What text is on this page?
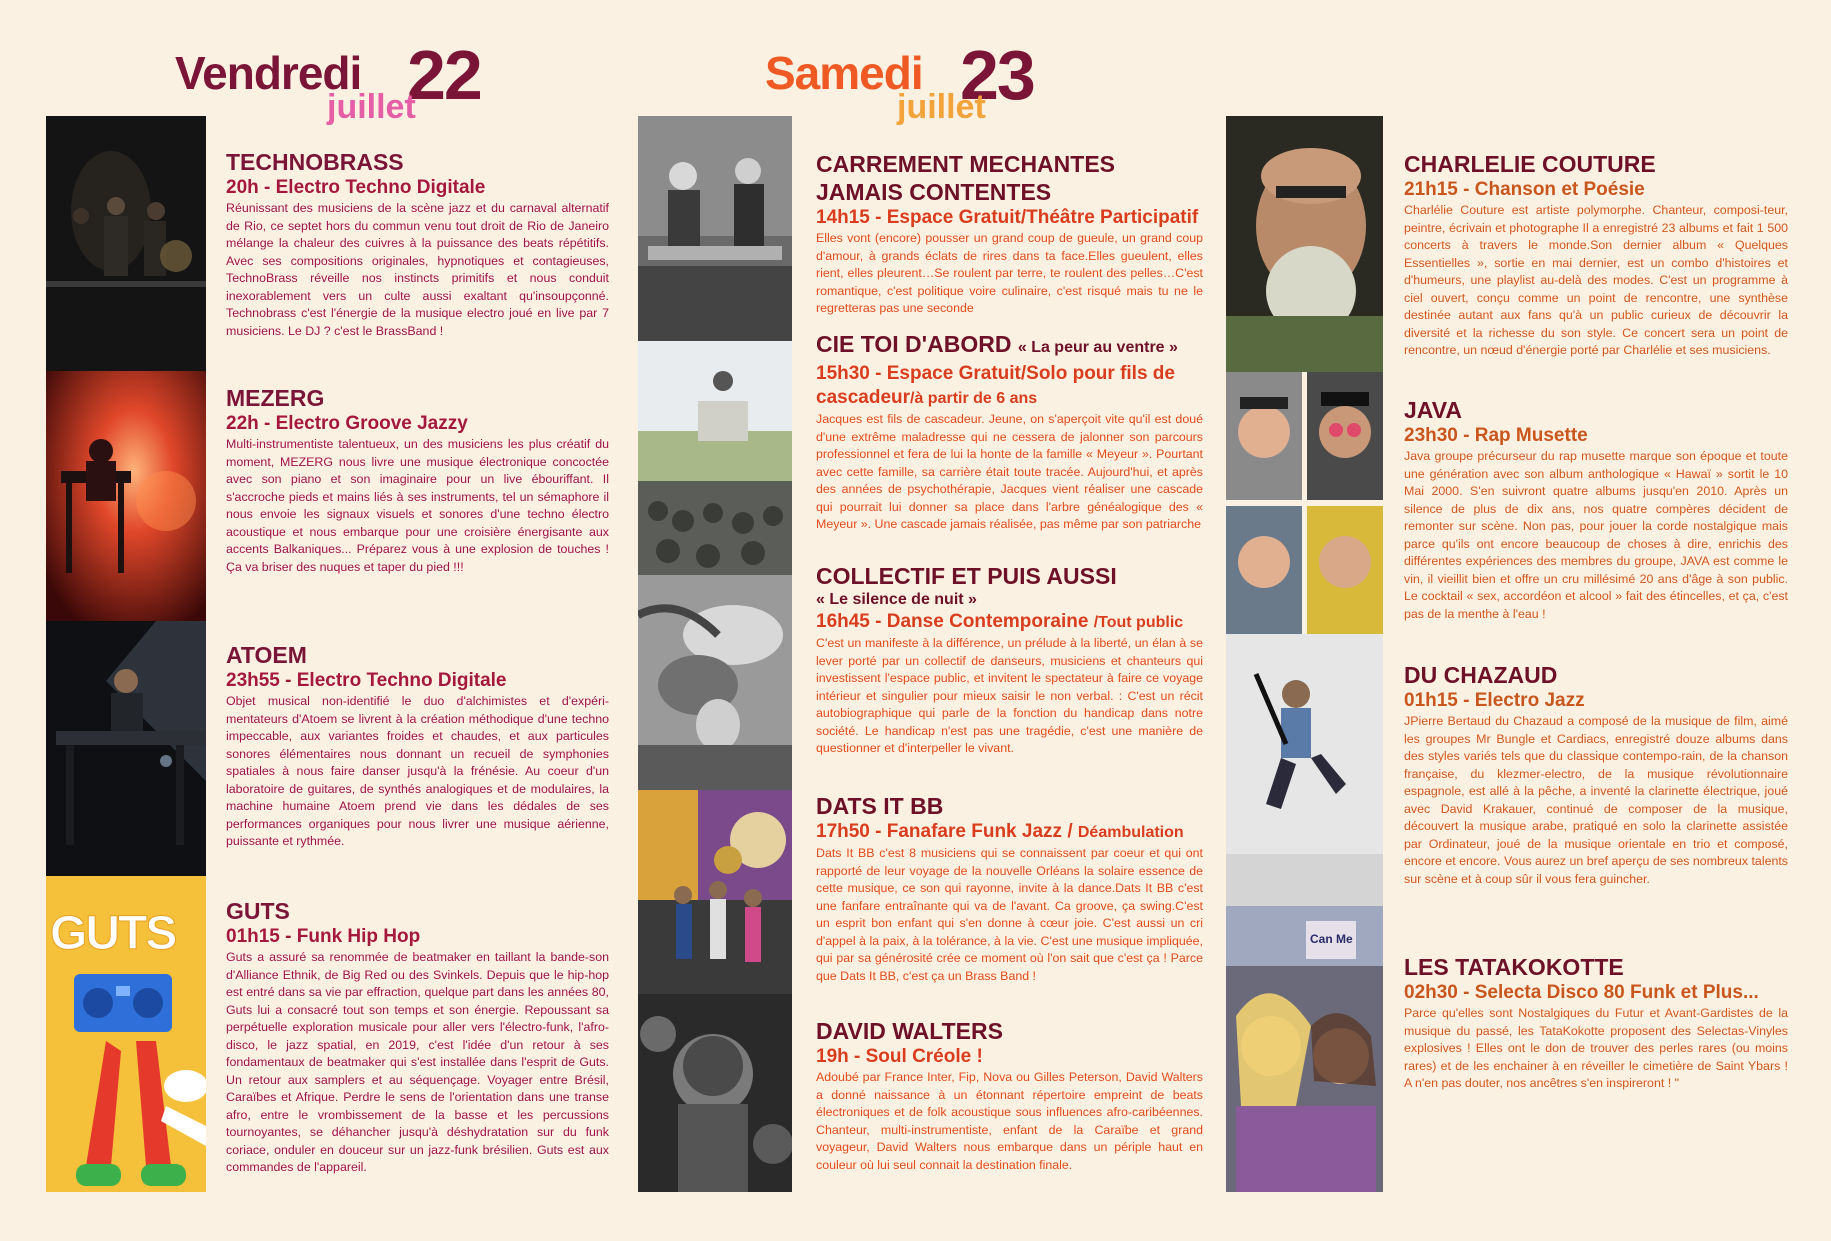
Vendredi 22
juillet
Samedi 23
juillet
GUTS	Can Me

TECHNOBRASS

20h - Electro Techno Digitale

Réunissant des musiciens de la scène jazz et du carnaval alternatif de Rio, ce septet hors du commun venu tout droit de Rio de Janeiro mélange la chaleur des cuivres à la puissance des beats répétitifs. Avec ses compositions originales, hypnotiques et contagieuses, TechnoBrass réveille nos instincts primitifs et nous conduit inexorablement vers un culte aussi exaltant qu'insoupçonné. Technobrass c'est l'énergie de la musique electro joué en live par 7 musiciens. Le DJ ? c'est le BrassBand !

MEZERG

22h - Electro Groove Jazzy

Multi-instrumentiste talentueux, un des musiciens les plus créatif du moment, MEZERG nous livre une musique électronique concoctée avec son piano et son imaginaire pour un live ébouriffant. Il s'accroche pieds et mains liés à ses instruments, tel un sémaphore il nous envoie les signaux visuels et sonores d'une techno électro acoustique et nous embarque pour une croisière énergisante aux accents Balkaniques... Préparez vous à une explosion de touches ! Ça va briser des nuques et taper du pied !!!

ATOEM

23h55 - Electro Techno Digitale

Objet musical non-identifié le duo d'alchimistes et d'expéri-mentateurs d'Atoem se livrent à la création méthodique d'une techno impeccable, aux variantes froides et chaudes, et aux particules sonores élémentaires nous donnant un recueil de symphonies spatiales à nous faire danser jusqu'à la frénésie. Au coeur d'un laboratoire de guitares, de synthés analogiques et de modulaires, la machine humaine Atoem prend vie dans les dédales de ses performances organiques pour nous livrer une musique aérienne, puissante et rythmée.

GUTS

01h15 - Funk Hip Hop

Guts a assuré sa renommée de beatmaker en taillant la bande-son d'Alliance Ethnik, de Big Red ou des Svinkels. Depuis que le hip-hop est entré dans sa vie par effraction, quelque part dans les années 80, Guts lui a consacré tout son temps et son énergie. Repoussant sa perpétuelle exploration musicale pour aller vers l'électro-funk, l'afro-disco, le jazz spatial, en 2019, c'est l'idée d'un retour à ses fondamentaux de beatmaker qui s'est installée dans l'esprit de Guts. Un retour aux samplers et au séquençage. Voyager entre Brésil, Caraïbes et Afrique. Perdre le sens de l'orientation dans une transe afro, entre le vrombissement de la basse et les percussions tournoyantes, se déhancher jusqu'à déshydratation sur du funk coriace, onduler en douceur sur un jazz-funk brésilien. Guts est aux commandes de l'appareil.

CARREMENT MECHANTES JAMAIS CONTENTES

14h15 - Espace Gratuit/Théâtre Participatif

Elles vont (encore) pousser un grand coup de gueule, un grand coup d'amour, à grands éclats de rires dans ta face.Elles gueulent, elles rient, elles pleurent…Se roulent par terre, te roulent des pelles…C'est romantique, c'est politique voire culinaire, c'est risqué mais tu ne le regretteras pas une seconde

CIE TOI D'ABORD « La peur au ventre »

15h30 - Espace Gratuit/Solo pour fils de cascadeur/à partir de 6 ans

Jacques est fils de cascadeur. Jeune, on s'aperçoit vite qu'il est doué d'une extrême maladresse qui ne cessera de jalonner son parcours professionnel et fera de lui la honte de la famille « Meyeur ». Pourtant avec cette famille, sa carrière était toute tracée. Aujourd'hui, et après des années de psychothérapie, Jacques vient réaliser une cascade qui pourrait lui donner sa place dans l'arbre généalogique des « Meyeur ». Une cascade jamais réalisée, pas même par son patriarche

COLLECTIF ET PUIS AUSSI

« Le silence de nuit »

16h45 - Danse Contemporaine /Tout public

C'est un manifeste à la différence, un prélude à la liberté, un élan à se lever porté par un collectif de danseurs, musiciens et chanteurs qui investissent l'espace public, et invitent le spectateur à faire ce voyage intérieur et singulier pour mieux saisir le non verbal. : C'est un récit autobiographique qui parle de la fonction du handicap dans notre société. Le handicap n'est pas une tragédie, c'est une manière de questionner et d'interpeller le vivant.

DATS IT BB

17h50 - Fanafare Funk Jazz / Déambulation

Dats It BB c'est 8 musiciens qui se connaissent par coeur et qui ont rapporté de leur voyage de la nouvelle Orléans la solaire essence de cette musique, ce son qui rayonne, invite à la dance.Dats It BB c'est une fanfare entraînante qui va de l'avant. Ca groove, ça swing.C'est un esprit bon enfant qui s'en donne à cœur joie. C'est aussi un cri d'appel à la paix, à la tolérance, à la vie. C'est une musique impliquée, qui par sa générosité crée ce moment où l'on sait que c'est ça ! Parce que Dats It BB, c'est ça un Brass Band !

DAVID WALTERS

19h - Soul Créole !

Adoubé par France Inter, Fip, Nova ou Gilles Peterson, David Walters a donné naissance à un étonnant répertoire empreint de beats électroniques et de folk acoustique sous influences afro-caribéennes. Chanteur, multi-instrumentiste, enfant de la Caraïbe et grand voyageur, David Walters nous embarque dans un périple haut en couleur où lui seul connait la destination finale.

CHARLELIE COUTURE

21h15 - Chanson et Poésie

Charlélie Couture est artiste polymorphe. Chanteur, composi-teur, peintre, écrivain et photographe Il a enregistré 23 albums et fait 1 500 concerts à travers le monde.Son dernier album « Quelques Essentielles », sortie en mai dernier, est un combo d'histoires et d'humeurs, une playlist au-delà des modes. C'est un programme à ciel ouvert, conçu comme un point de rencontre, une synthèse destinée autant aux fans qu'à un public curieux de découvrir la diversité et la richesse du son style. Ce concert sera un point de rencontre, un nœud d'énergie porté par Charlélie et ses musiciens.

JAVA

23h30 - Rap Musette

Java groupe précurseur du rap musette marque son époque et toute une génération avec son album anthologique « Hawaï » sortit le 10 Mai 2000. S'en suivront quatre albums jusqu'en 2010. Après un silence de plus de dix ans, nos quatre compères décident de remonter sur scène. Non pas, pour jouer la corde nostalgique mais parce qu'ils ont encore beaucoup de choses à dire, enrichis des différentes expériences des membres du groupe, JAVA est comme le vin, il vieillit bien et offre un cru millésimé 20 ans d'âge à son public. Le cocktail « sex, accordéon et alcool » fait des étincelles, et ça, c'est pas de la menthe à l'eau !

DU CHAZAUD

01h15 - Electro Jazz

JPierre Bertaud du Chazaud a composé de la musique de film, aimé les groupes Mr Bungle et Cardiacs, enregistré douze albums dans des styles variés tels que du classique contempo-rain, de la chanson française, du klezmer-electro, de la musique révolutionnaire espagnole, est allé à la pêche, a inventé la clarinette électrique, joué avec David Krakauer, continué de composer de la musique, découvert la musique arabe, pratiqué en solo la clarinette assistée par Ordinateur, joué de la musique orientale en trio et composé, encore et encore. Vous aurez un bref aperçu de ses nombreux talents sur scène et à coup sûr il vous fera guincher.

LES TATAKOKOTTE

02h30 - Selecta Disco 80 Funk et Plus...

Parce qu'elles sont Nostalgiques du Futur et Avant-Gardistes de la musique du passé, les TataKokotte proposent des Selectas-Vinyles explosives ! Elles ont le don de trouver des perles rares (ou moins rares) et de les enchainer à en réveiller le cimetière de Saint Ybars ! A n'en pas douter, nos ancêtres s'en inspireront ! "
